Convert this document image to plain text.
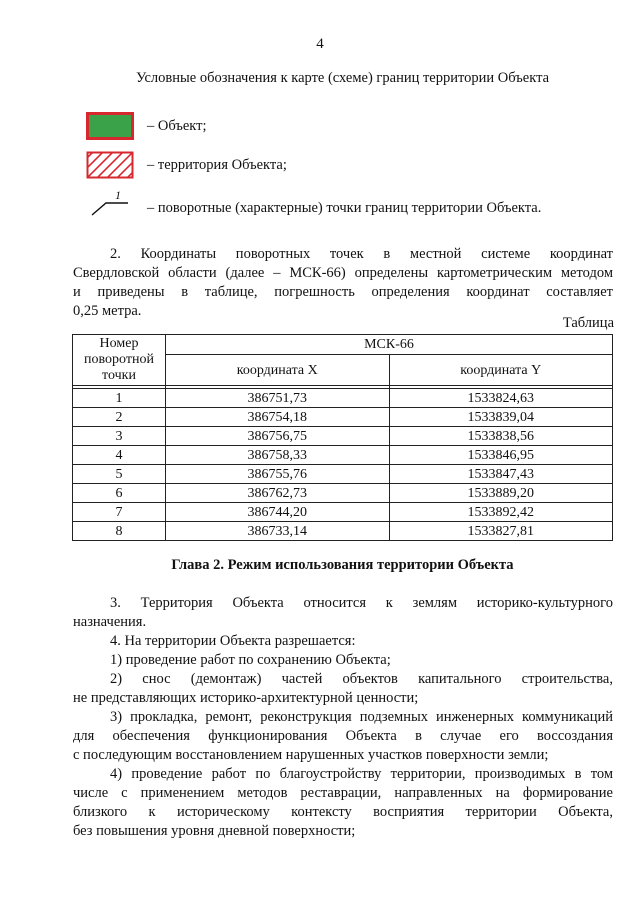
4
Условные обозначения к карте (схеме) границ территории Объекта
– Объект;
– территория Объекта;
1
– поворотные (характерные) точки границ территории Объекта.
2. Координаты поворотных точек в местной системе координат
Свердловской области (далее – МСК-66) определены картометрическим методом
и приведены в таблице, погрешность определения координат составляет
0,25 метра.
Таблица
Номер поворотной точки	МСК-66	
	координата X	координата Y

1	386751,73	1533824,63
2	386754,18	1533839,04
3	386756,75	1533838,56
4	386758,33	1533846,95
5	386755,76	1533847,43
6	386762,73	1533889,20
7	386744,20	1533892,42
8	386733,14	1533827,81
Глава 2. Режим использования территории Объекта
3. Территория Объекта относится к землям историко-культурного
назначения.
4. На территории Объекта разрешается:
1) проведение работ по сохранению Объекта;
2) снос (демонтаж) частей объектов капитального строительства,
не представляющих историко-архитектурной ценности;
3) прокладка, ремонт, реконструкция подземных инженерных коммуникаций
для обеспечения функционирования Объекта в случае его воссоздания
с последующим восстановлением нарушенных участков поверхности земли;
4) проведение работ по благоустройству территории, производимых в том
числе с применением методов реставрации, направленных на формирование
близкого к историческому контексту восприятия территории Объекта,
без повышения уровня дневной поверхности;
